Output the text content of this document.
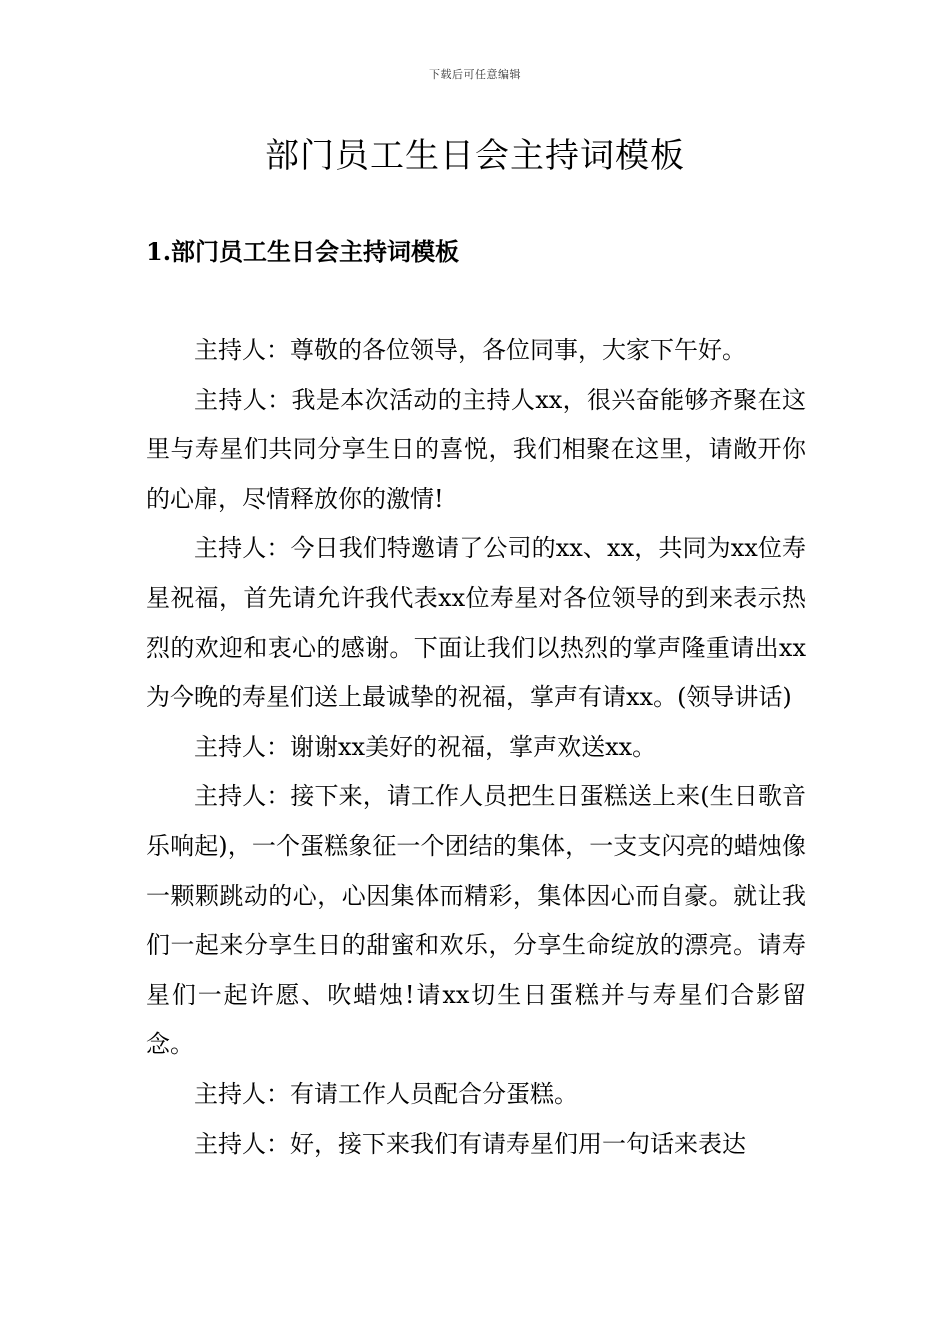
下载后可任意编辑
部门员工生日会主持词模板
1.部门员工生日会主持词模板

主持人：尊敬的各位领导，各位同事，大家下午好。

主持人：我是本次活动的主持人xx，很兴奋能够齐聚在这里与寿星们共同分享生日的喜悦，我们相聚在这里，请敞开你的心扉，尽情释放你的激情!

主持人：今日我们特邀请了公司的xx、xx，共同为xx位寿星祝福，首先请允许我代表xx位寿星对各位领导的到来表示热烈的欢迎和衷心的感谢。下面让我们以热烈的掌声隆重请出xx为今晚的寿星们送上最诚挚的祝福，掌声有请xx。(领导讲话)

主持人：谢谢xx美好的祝福，掌声欢送xx。

主持人：接下来，请工作人员把生日蛋糕送上来(生日歌音乐响起)，一个蛋糕象征一个团结的集体，一支支闪亮的蜡烛像一颗颗跳动的心，心因集体而精彩，集体因心而自豪。就让我们一起来分享生日的甜蜜和欢乐，分享生命绽放的漂亮。请寿星们一起许愿、吹蜡烛!请xx切生日蛋糕并与寿星们合影留念。

主持人：有请工作人员配合分蛋糕。

主持人：好，接下来我们有请寿星们用一句话来表达
